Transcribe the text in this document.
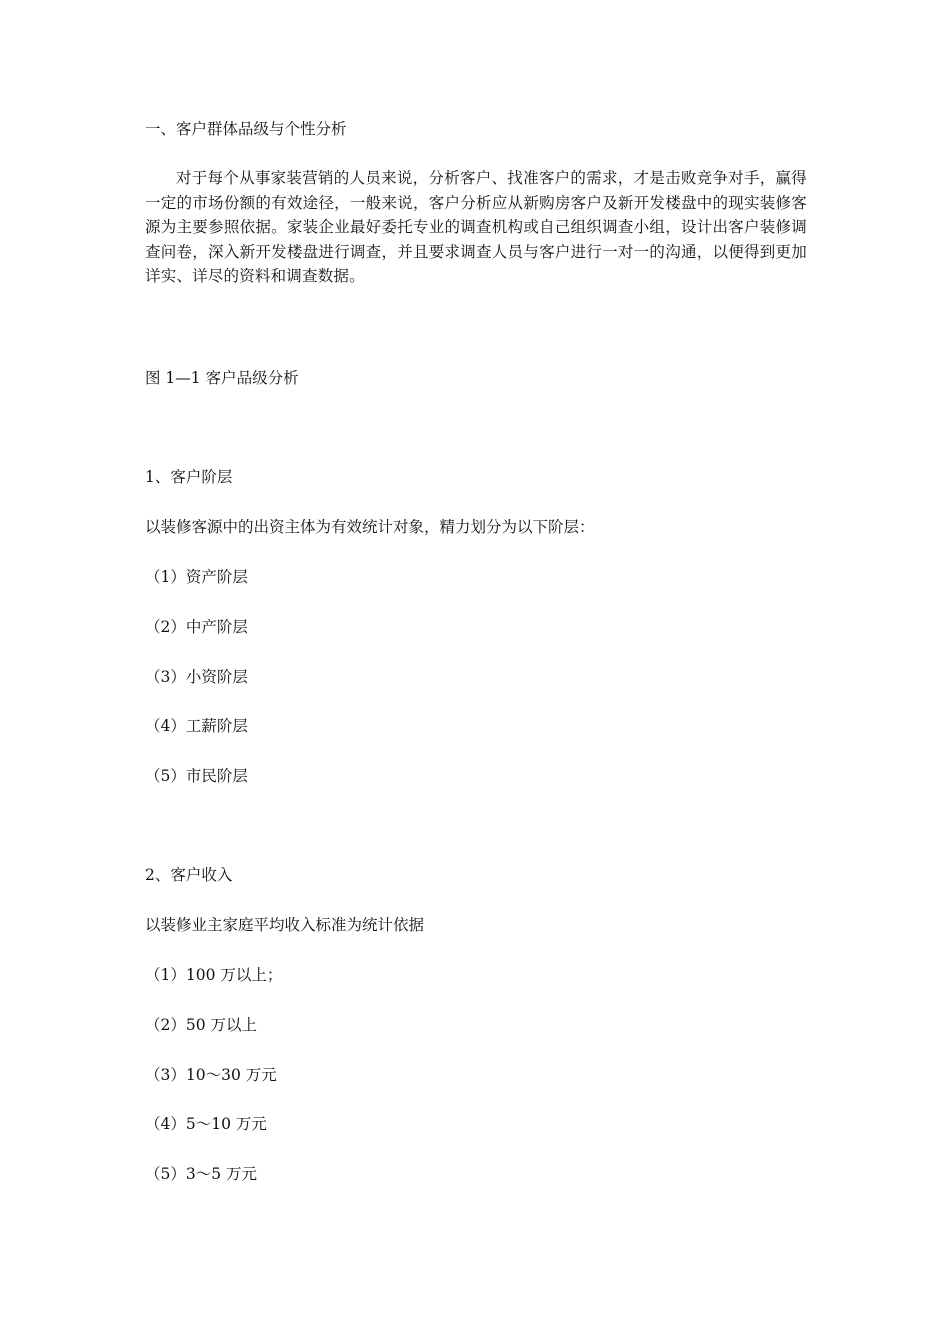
一、客户群体品级与个性分析
对于每个从事家装营销的人员来说，分析客户、找准客户的需求，才是击败竞争对手，赢得一定的市场份额的有效途径，一般来说，客户分析应从新购房客户及新开发楼盘中的现实装修客源为主要参照依据。家装企业最好委托专业的调查机构或自己组织调查小组，设计出客户装修调查问卷，深入新开发楼盘进行调查，并且要求调查人员与客户进行一对一的沟通，以便得到更加详实、详尽的资料和调查数据。
图 1—1 客户品级分析
1、客户阶层
以装修客源中的出资主体为有效统计对象，精力划分为以下阶层：
（1）资产阶层
（2）中产阶层
（3）小资阶层
（4）工薪阶层
（5）市民阶层
2、客户收入
以装修业主家庭平均收入标准为统计依据
（1）100 万以上；
（2）50 万以上
（3）10～30 万元
（4）5～10 万元
（5）3～5 万元
